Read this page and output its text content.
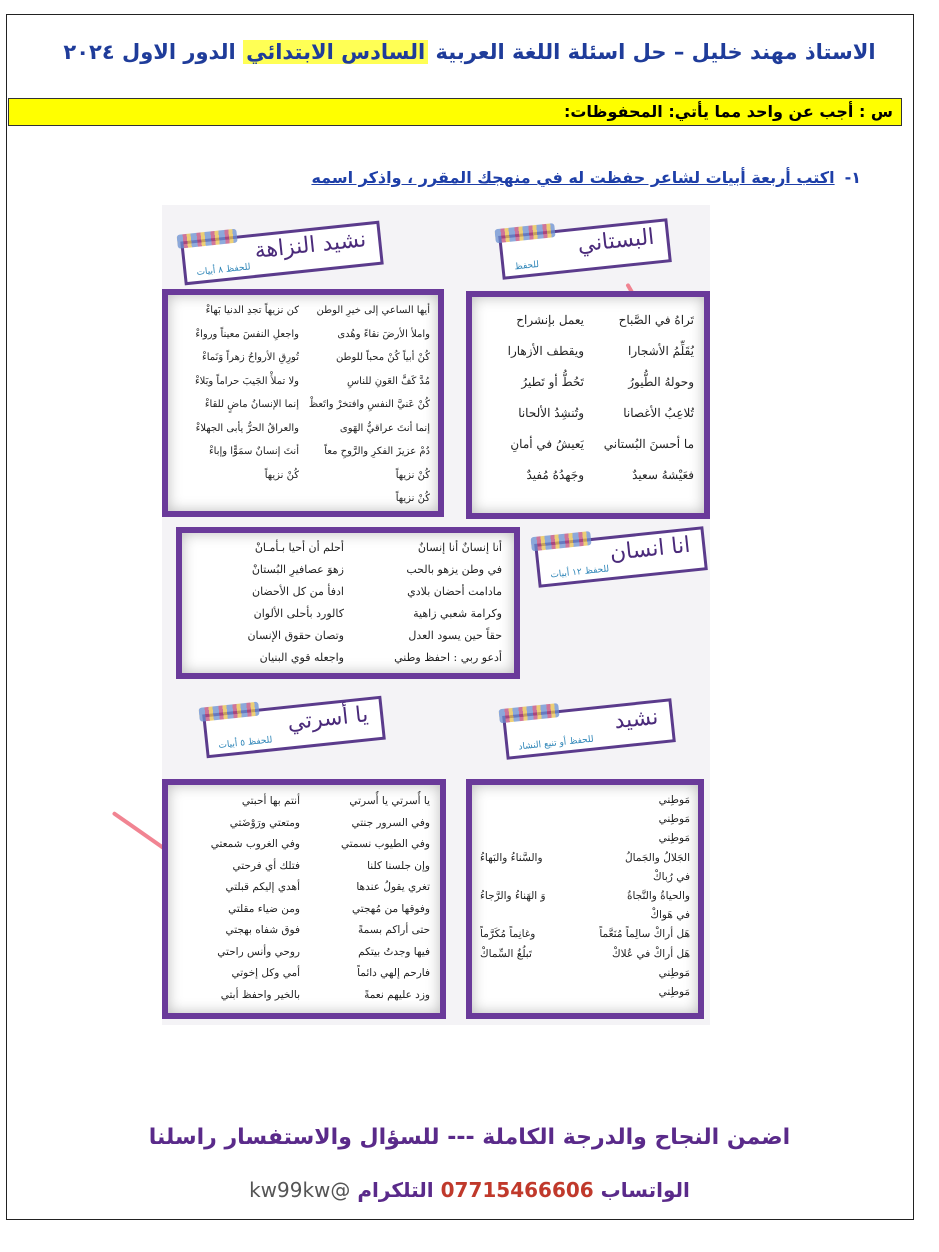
الاستاذ مهند خليل – حل اسئلة اللغة العربية السادس الابتدائي الدور الاول ٢٠٢٤
س : أجب عن واحد مما يأتي: المحفوظات:
١-اكتب أربعة أبيات لشاعر حفظت له في منهجك المقرر ، واذكر اسمه
البستاني
للحفظ
نشيد النزاهة
للحفظ ٨ أبيات
تَراهُ في الصَّباح
يعمل بإنشراح
يُقَلِّمُ الأشجارا
ويقطف الأزهارا
وحولهُ الطُّيورُ
تَحُطُّ أو تَطيرُ
تُلاعِبُ الأغصانا
وتُنشِدُ الألحانا
ما أحسنَ البُستاني
يَعيشُ في أمانِ
فعَيْشهُ سعيدٌ
وجَهدُهُ مُفيدٌ
أيها الساعي إلى خيرِ الوطن
كن نزيهاً تجدِ الدنيا بَهاءْ
واملأ الأرضَ نقاءً وهُدى
واجعلِ النفسَ معيناً ورواءْ
كُنْ أبياً كُنْ محباً للوطن
تُورِقِ الأرواحُ زهراً وَنَماءْ
مُدَّ كَفَّ العَونِ للناسِ
ولا تملأْ الجَيبَ حراماً وبَلاءْ
كُنْ عَنيَّ النفسِ وافتخرْ واتَعظْ
إنما الإنسانُ ماضٍ للقاءْ
إنما أنتَ عراقيُّ الهَوى
والعراقُ الحرُّ يأبى الجهلاءْ
دُمْ عزيزَ الفكرِ والرَّوحِ معاً
أنتَ إنسانٌ سمَوًّا وإباءْ
كُنْ نزيهاً
كُنْ نزيهاً
كُنْ نزيهاً
انا انسان
للحفظ ١٢ أبيات
أنا إنسانٌ أنا إنسانٌ
أحلم أن أحيا بـأمـانْ
في وطن يزهو بالحب
زهوَ عصافيرِ البُستانْ
مادامت أحضان بلادي
ادفأ من كل الأحضان
وكرامة شعبي زاهية
كالورد بأحلى الألوان
حقاً حين يسود العدل
وتصان حقوق الإنسان
أدعو ربي : احفظ وطني
واجعله قوي البنيان
نشيد
للحفظ أو تنيع النشاد
يا أسرتي
للحفظ ٥ أبيات
مَوطِني
مَوطِني
مَوطِني
الجَلالُ والجَمالُ
والسَّناءُ والبَهاءُ
في رُباكْ
والحياةُ والنَّجاةُ
وَ الهَناءُ والرَّجاءُ
في هَواكْ
هَل أراكْ سالِماً مُنَعَّماً
وغانِماً مُكَرَّماً
هَل أراكْ في عُلاكْ
تَبلُغُ السِّماكْ
مَوطِني
مَوطِني
يا أُسرتي يا أُسرتي
أنتم بها أحبتي
وفي السرور جنتي
ومتعتي ورَوْضَتي
وفي الطيوب نسمتي
وفي الغروب شمعتي
وإن جلسنا كلنا
فتلك أي فرحتي
تغري يقولُ عندها
أهدي إليكم قبلتي
وفوقها من مُهجتي
ومن ضياء مقلتي
حتى أراكم بسمةً
فوق شفاه بهجتي
فيها وجدتُ بيتكم
روحي وأنس راحتي
فارحم إلهي دائماً
أمي وكل إخوتي
وزد عليهم نعمةً
بالخير واحفظ أبتي
اضمن النجاح والدرجة الكاملة --- للسؤال والاستفسار راسلنا
الواتساب 07715466606 التلكرام @kw99kw
